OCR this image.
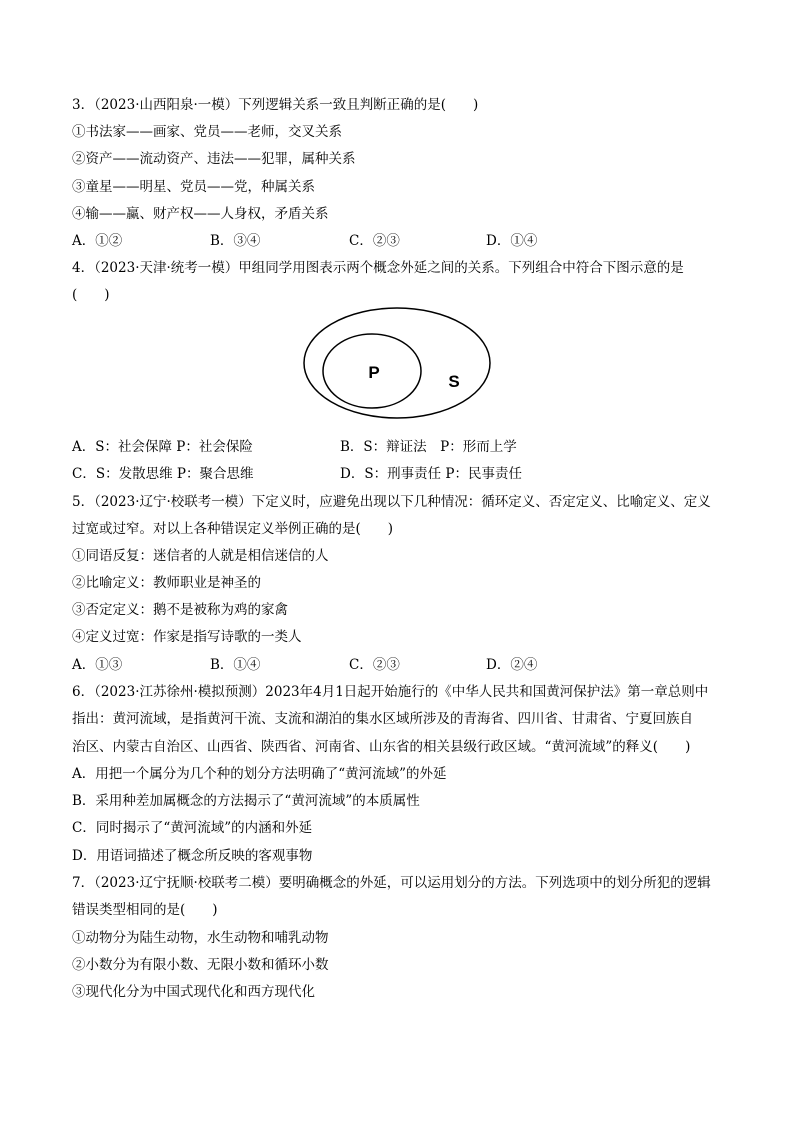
3．（2023·山西阳泉·一模）下列逻辑关系一致且判断正确的是(　　)
①书法家——画家、党员——老师，交叉关系
②资产——流动资产、违法——犯罪，属种关系
③童星——明星、党员——党，种属关系
④输——赢、财产权——人身权，矛盾关系
A．①②	B．③④	C．②③	D．①④
4．（2023·天津·统考一模）甲组同学用图表示两个概念外延之间的关系。下列组合中符合下图示意的是
(　　)
P	S
A．S：社会保障 P：社会保险	B．S：辩证法　P：形而上学
C．S：发散思维 P：聚合思维	D．S：刑事责任 P：民事责任
5．（2023·辽宁·校联考一模）下定义时，应避免出现以下几种情况：循环定义、否定定义、比喻定义、定义
过宽或过窄。对以上各种错误定义举例正确的是(　　)
①同语反复：迷信者的人就是相信迷信的人
②比喻定义：教师职业是神圣的
③否定定义：鹅不是被称为鸡的家禽
④定义过宽：作家是指写诗歌的一类人
A．①③	B．①④	C．②③	D．②④
6．（2023·江苏徐州·模拟预测）2023年4月1日起开始施行的《中华人民共和国黄河保护法》第一章总则中
指出：黄河流域，是指黄河干流、支流和湖泊的集水区域所涉及的青海省、四川省、甘肃省、宁夏回族自
治区、内蒙古自治区、山西省、陕西省、河南省、山东省的相关县级行政区域。“黄河流域”的释义(　　)
A．用把一个属分为几个种的划分方法明确了“黄河流域”的外延
B．采用种差加属概念的方法揭示了“黄河流域”的本质属性
C．同时揭示了“黄河流域”的内涵和外延
D．用语词描述了概念所反映的客观事物
7．（2023·辽宁抚顺·校联考二模）要明确概念的外延，可以运用划分的方法。下列选项中的划分所犯的逻辑
错误类型相同的是(　　)
①动物分为陆生动物，水生动物和哺乳动物
②小数分为有限小数、无限小数和循环小数
③现代化分为中国式现代化和西方现代化
